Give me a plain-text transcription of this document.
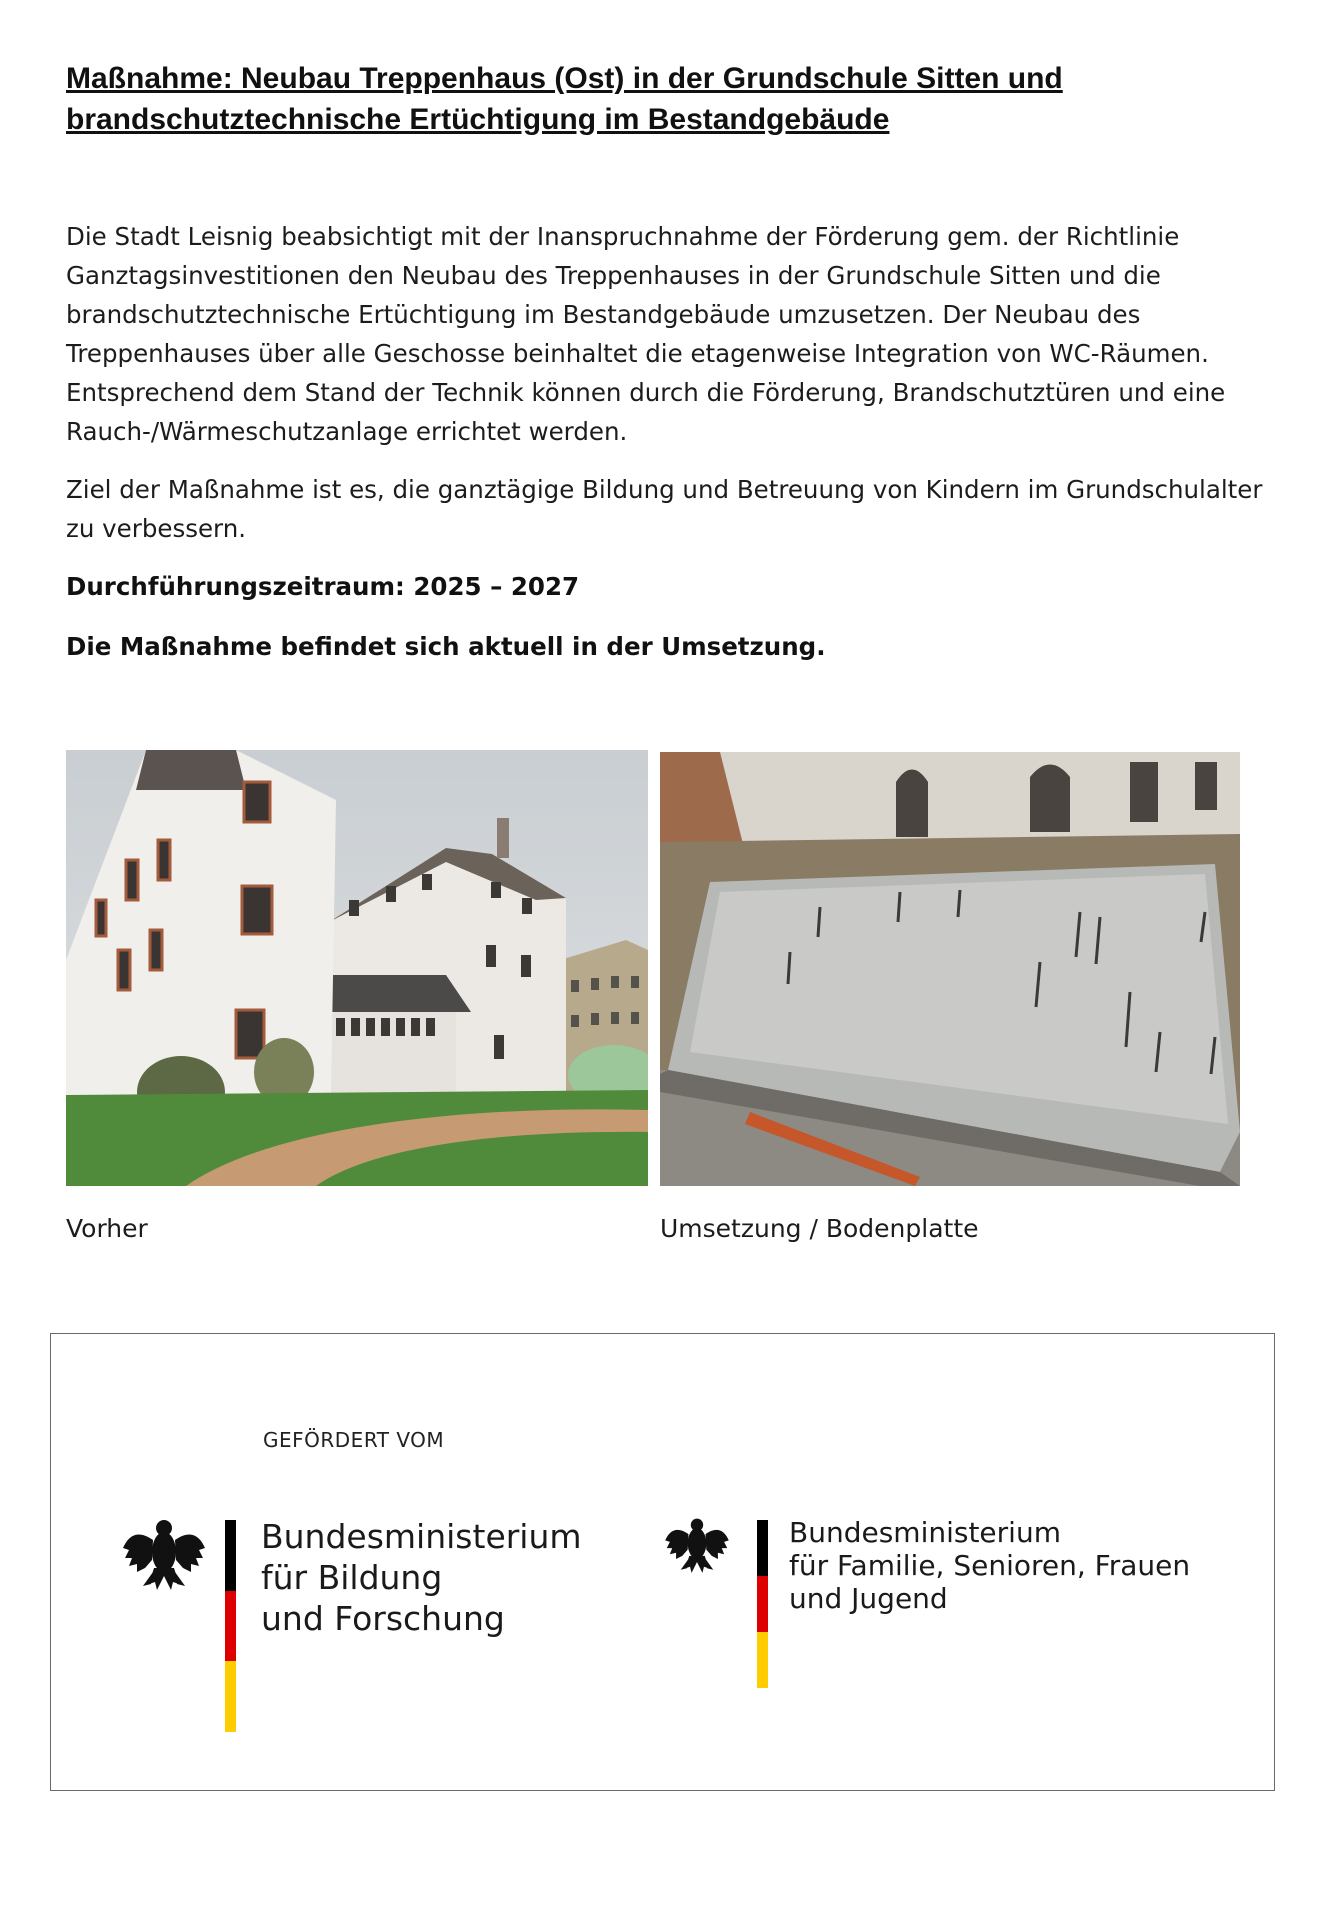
Maßnahme: Neubau Treppenhaus (Ost) in der Grundschule Sitten und
brandschutztechnische Ertüchtigung im Bestandgebäude

Die Stadt Leisnig beabsichtigt mit der Inanspruchnahme der Förderung gem. der Richtlinie Ganztagsinvestitionen den Neubau des Treppenhauses in der Grundschule Sitten und die brandschutztechnische Ertüchtigung im Bestandgebäude umzusetzen. Der Neubau des Treppenhauses über alle Geschosse beinhaltet die etagenweise Integration von WC-Räumen. Entsprechend dem Stand der Technik können durch die Förderung, Brandschutztüren und eine Rauch-/Wärmeschutzanlage errichtet werden.

Ziel der Maßnahme ist es, die ganztägige Bildung und Betreuung von Kindern im Grundschulalter zu verbessern.

Durchführungszeitraum: 2025 – 2027

Die Maßnahme befindet sich aktuell in der Umsetzung.

Vorher	Umsetzung / Bodenplatte

GEFÖRDERT VOM

Bundesministerium
für Bildung
und Forschung

Bundesministerium
für Familie, Senioren, Frauen
und Jugend
